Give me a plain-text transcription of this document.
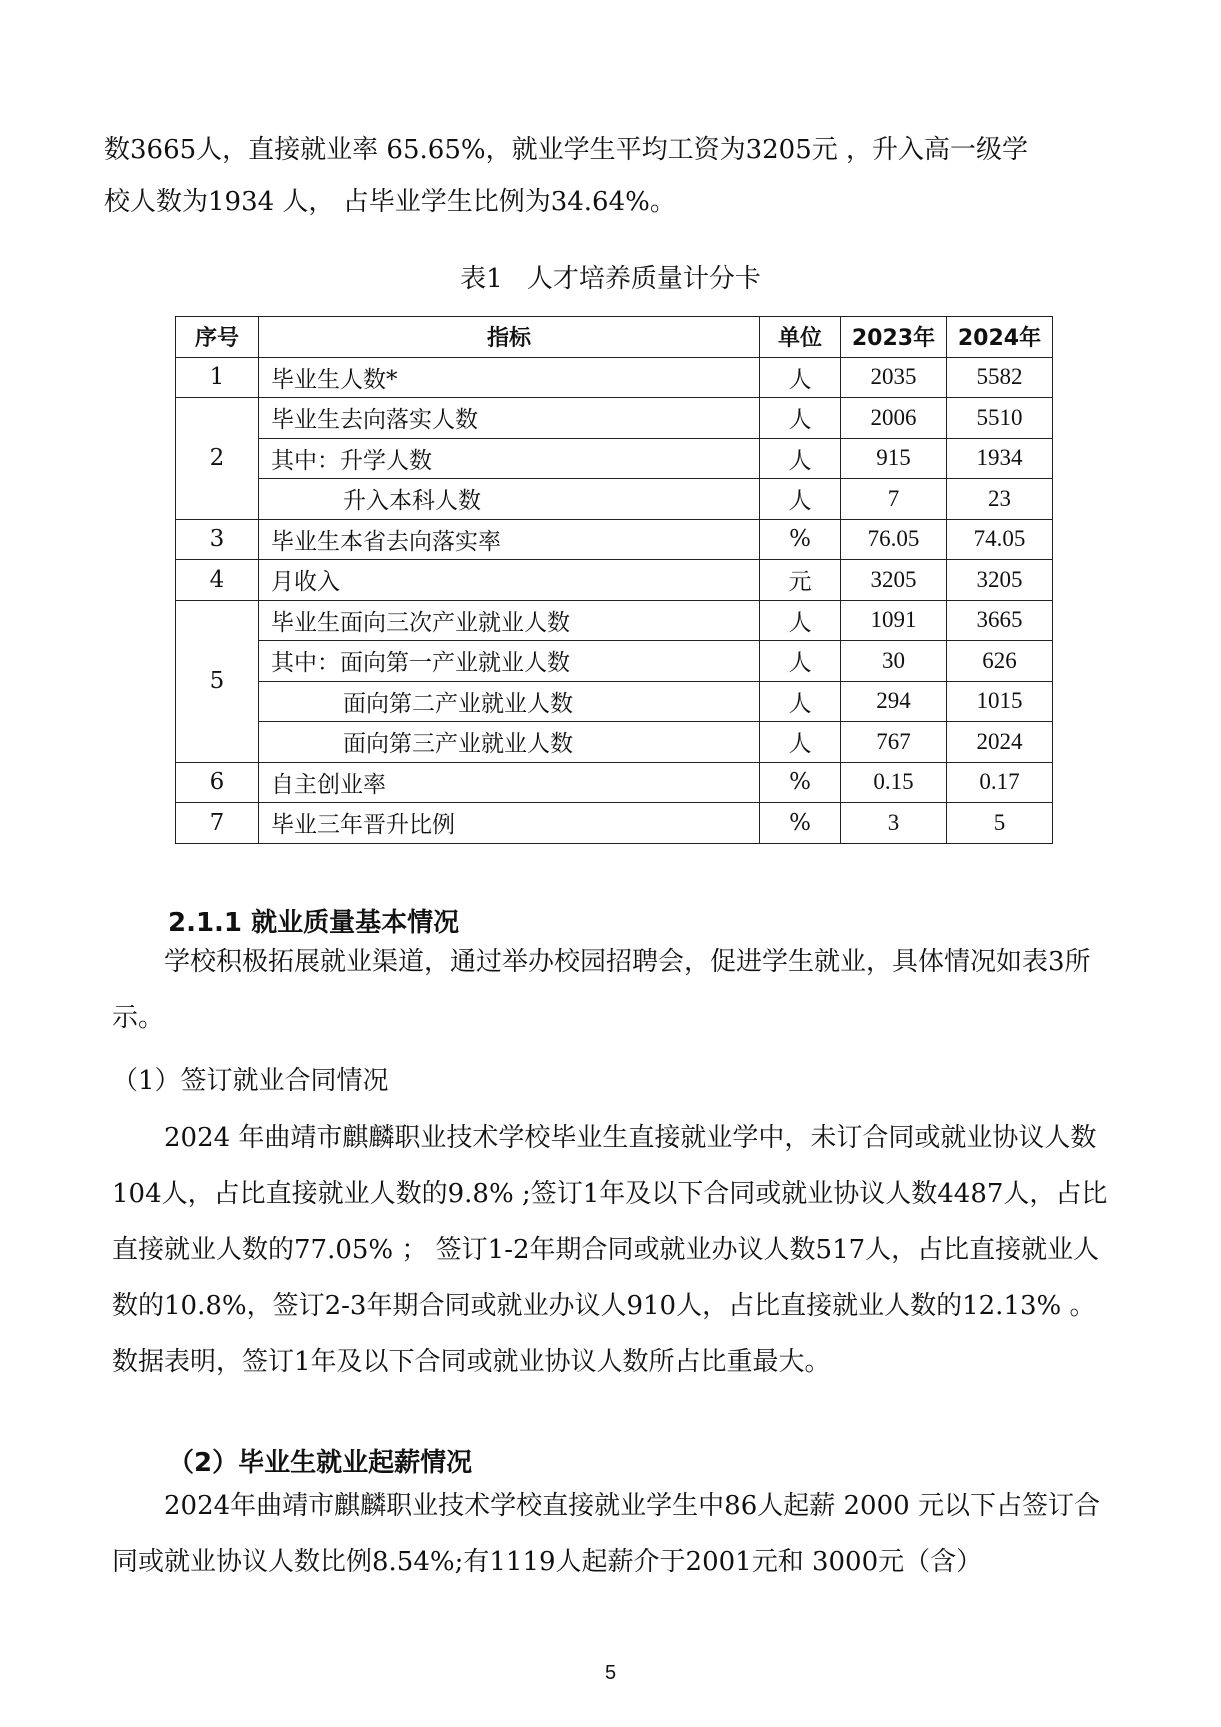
数3665人，直接就业率 65.65%，就业学生平均工资为3205元 ，升入高一级学

校人数为1934 人， 占毕业学生比例为34.64%。

表1 人才培养质量计分卡
序号	指标	单位	2023年	2024年
1	毕业生人数*	人	2035	5582
2	毕业生去向落实人数	人	2006	5510
	其中：升学人数	人	915	1934
	升入本科人数	人	7	23
3	毕业生本省去向落实率	%	76.05	74.05
4	月收入	元	3205	3205
5	毕业生面向三次产业就业人数	人	1091	3665
	其中：面向第一产业就业人数	人	30	626
	面向第二产业就业人数	人	294	1015
	面向第三产业就业人数	人	767	2024
6	自主创业率	%	0.15	0.17
7	毕业三年晋升比例	%	3	5

2.1.1 就业质量基本情况

学校积极拓展就业渠道，通过举办校园招聘会，促进学生就业，具体情况如表3所示。

（1）签订就业合同情况

2024 年曲靖市麒麟职业技术学校毕业生直接就业学中，未订合同或就业协议人数104人，占比直接就业人数的9.8% ;签订1年及以下合同或就业协议人数4487人，占比直接就业人数的77.05% ； 签订1-2年期合同或就业办议人数517人，占比直接就业人数的10.8%，签订2-3年期合同或就业办议人910人，占比直接就业人数的12.13% 。数据表明，签订1年及以下合同或就业协议人数所占比重最大。

（2）毕业生就业起薪情况

2024年曲靖市麒麟职业技术学校直接就业学生中86人起薪 2000 元以下占签订合同或就业协议人数比例8.54%;有1119人起薪介于2001元和 3000元（含）

5
